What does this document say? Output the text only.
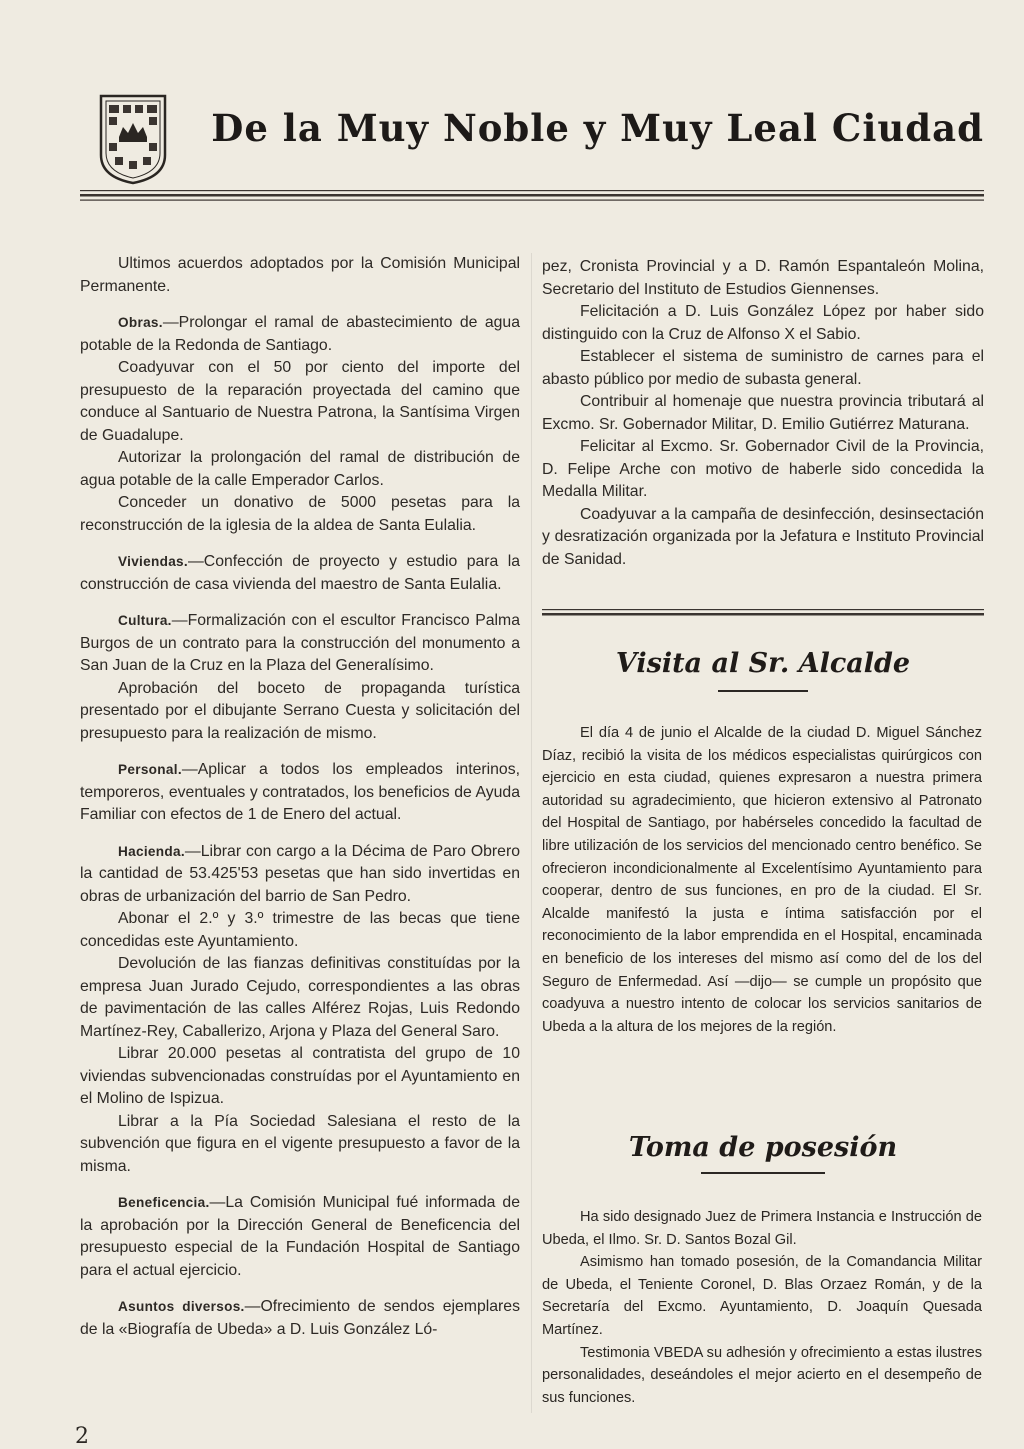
De la Muy Noble y Muy Leal Ciudad

Ultimos acuerdos adoptados por la Comisión Municipal Permanente.

Obras.—Prolongar el ramal de abastecimiento de agua potable de la Redonda de Santiago.

Coadyuvar con el 50 por ciento del importe del presupuesto de la reparación proyectada del camino que conduce al Santuario de Nuestra Patrona, la Santísima Virgen de Guadalupe.

Autorizar la prolongación del ramal de distribución de agua potable de la calle Emperador Carlos.

Conceder un donativo de 5000 pesetas para la reconstrucción de la iglesia de la aldea de Santa Eulalia.

Viviendas.—Confección de proyecto y estudio para la construcción de casa vivienda del maestro de Santa Eulalia.

Cultura.—Formalización con el escultor Francisco Palma Burgos de un contrato para la construcción del monumento a San Juan de la Cruz en la Plaza del Generalísimo.

Aprobación del boceto de propaganda turística presentado por el dibujante Serrano Cuesta y solicitación del presupuesto para la realización de mismo.

Personal.—Aplicar a todos los empleados interinos, temporeros, eventuales y contratados, los beneficios de Ayuda Familiar con efectos de 1 de Enero del actual.

Hacienda.—Librar con cargo a la Décima de Paro Obrero la cantidad de 53.425'53 pesetas que han sido invertidas en obras de urbanización del barrio de San Pedro.

Abonar el 2.º y 3.º trimestre de las becas que tiene concedidas este Ayuntamiento.

Devolución de las fianzas definitivas constituídas por la empresa Juan Jurado Cejudo, correspondientes a las obras de pavimentación de las calles Alférez Rojas, Luis Redondo Martínez-Rey, Caballerizo, Arjona y Plaza del General Saro.

Librar 20.000 pesetas al contratista del grupo de 10 viviendas subvencionadas construídas por el Ayuntamiento en el Molino de Ispizua.

Librar a la Pía Sociedad Salesiana el resto de la subvención que figura en el vigente presupuesto a favor de la misma.

Beneficencia.—La Comisión Municipal fué informada de la aprobación por la Dirección General de Beneficencia del presupuesto especial de la Fundación Hospital de Santiago para el actual ejercicio.

Asuntos diversos.—Ofrecimiento de sendos ejemplares de la «Biografía de Ubeda» a D. Luis González Ló-

pez, Cronista Provincial y a D. Ramón Espantaleón Molina, Secretario del Instituto de Estudios Giennenses.

Felicitación a D. Luis González López por haber sido distinguido con la Cruz de Alfonso X el Sabio.

Establecer el sistema de suministro de carnes para el abasto público por medio de subasta general.

Contribuir al homenaje que nuestra provincia tributará al Excmo. Sr. Gobernador Militar, D. Emilio Gutiérrez Maturana.

Felicitar al Excmo. Sr. Gobernador Civil de la Provincia, D. Felipe Arche con motivo de haberle sido concedida la Medalla Militar.

Coadyuvar a la campaña de desinfección, desinsectación y desratización organizada por la Jefatura e Instituto Provincial de Sanidad.

Visita al Sr. Alcalde

El día 4 de junio el Alcalde de la ciudad D. Miguel Sánchez Díaz, recibió la visita de los médicos especialistas quirúrgicos con ejercicio en esta ciudad, quienes expresaron a nuestra primera autoridad su agradecimiento, que hicieron extensivo al Patronato del Hospital de Santiago, por habérseles concedido la facultad de libre utilización de los servicios del mencionado centro benéfico. Se ofrecieron incondicionalmente al Excelentísimo Ayuntamiento para cooperar, dentro de sus funciones, en pro de la ciudad. El Sr. Alcalde manifestó la justa e íntima satisfacción por el reconocimiento de la labor emprendida en el Hospital, encaminada en beneficio de los intereses del mismo así como del de los del Seguro de Enfermedad. Así —dijo— se cumple un propósito que coadyuva a nuestro intento de colocar los servicios sanitarios de Ubeda a la altura de los mejores de la región.

Toma de posesión

Ha sido designado Juez de Primera Instancia e Instrucción de Ubeda, el Ilmo. Sr. D. Santos Bozal Gil.

Asimismo han tomado posesión, de la Comandancia Militar de Ubeda, el Teniente Coronel, D. Blas Orzaez Román, y de la Secretaría del Excmo. Ayuntamiento, D. Joaquín Quesada Martínez.

Testimonia VBEDA su adhesión y ofrecimiento a estas ilustres personalidades, deseándoles el mejor acierto en el desempeño de sus funciones.

2
